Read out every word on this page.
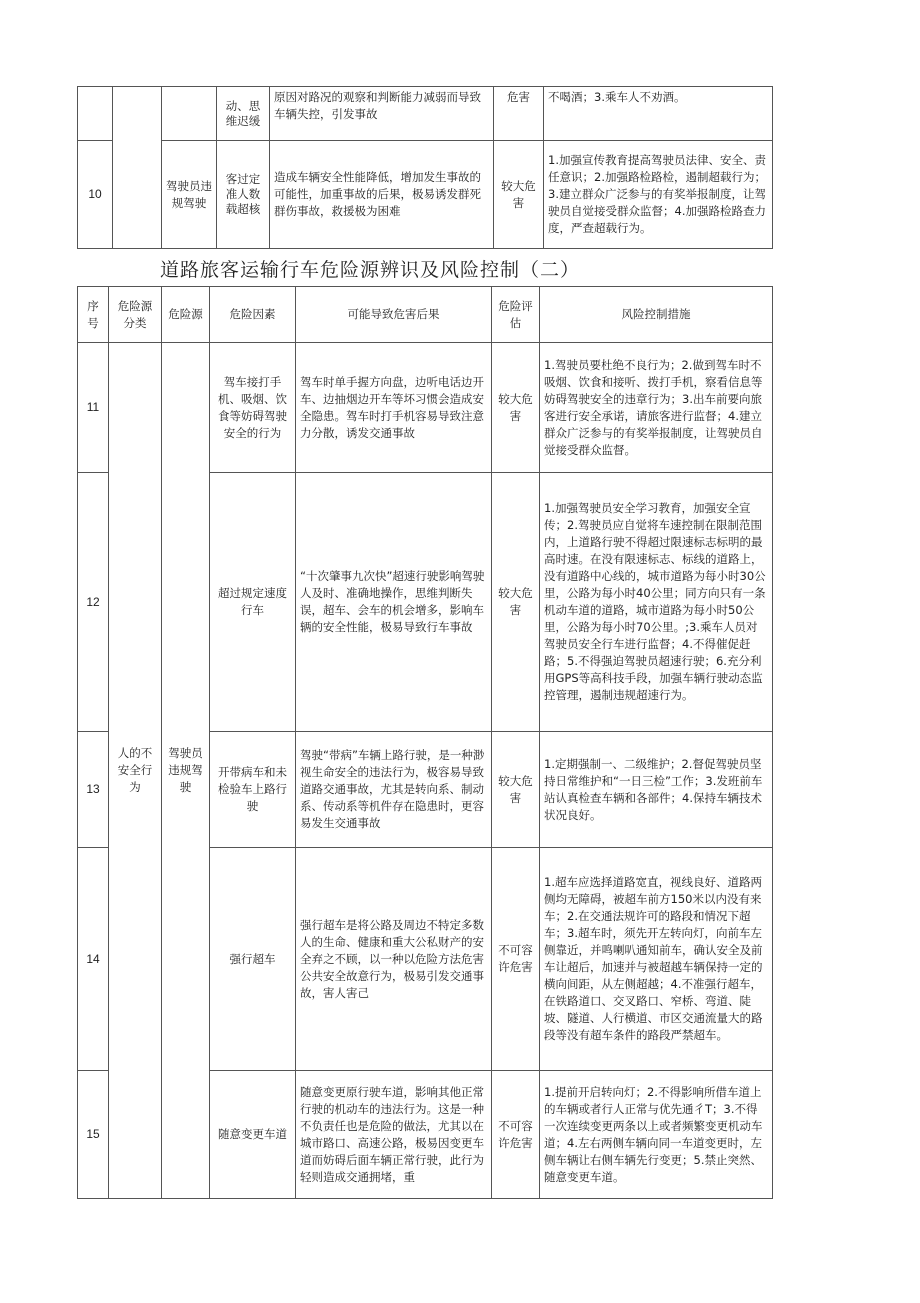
			动、思维迟缓	原因对路况的观察和判断能力减弱而导致车辆失控，引发事故	危害	不喝酒；3.乘车人不劝酒。
10		驾驶员违规驾驶	客过定准人数载超核	造成车辆安全性能降低，增加发生事故的可能性，加重事故的后果，极易诱发群死群伤事故，救援极为困难	较大危害	1.加强宣传教育提高驾驶员法律、安全、责任意识；2.加强路检路检，遏制超载行为；3.建立群众广泛参与的有奖举报制度，让驾驶员自觉接受群众监督；4.加强路检路查力度，严查超载行为。
道路旅客运输行车危险源辨识及风险控制（二）
序号	危险源分类	危险源	危险因素	可能导致危害后果	危险评估	风险控制措施
11	人的不安全行为	驾驶员违规驾驶	驾车接打手机、吸烟、饮食等妨碍驾驶安全的行为	驾车时单手握方向盘，边听电话边开车、边抽烟边开车等坏习惯会造成安全隐患。驾车时打手机容易导致注意力分散，诱发交通事故	较大危害	1.驾驶员要杜绝不良行为；2.做到驾车时不吸烟、饮食和接听、拨打手机，察看信息等妨碍驾驶安全的违章行为；3.出车前要向旅客进行安全承诺，请旅客进行监督；4.建立群众广泛参与的有奖举报制度，让驾驶员自觉接受群众监督。
12			超过规定速度行车	“十次肇事九次快”超速行驶影响驾驶人及时、准确地操作，思维判断失误，超车、会车的机会增多，影响车辆的安全性能，极易导致行车事故	较大危害	1.加强驾驶员安全学习教育，加强安全宣传；2.驾驶员应自觉将车速控制在限制范围内，上道路行驶不得超过限速标志标明的最高时速。在没有限速标志、标线的道路上，没有道路中心线的，城市道路为每小时30公里，公路为每小时40公里；同方向只有一条机动车道的道路，城市道路为每小时50公里，公路为每小时70公里。;3.乘车人员对驾驶员安全行车进行监督；4.不得催促赶路；5.不得强迫驾驶员超速行驶；6.充分利用GPS等高科技手段，加强车辆行驶动态监控管理，遏制违规超速行为。
13			开带病车和未检验车上路行驶	驾驶“带病”车辆上路行驶，是一种渺视生命安全的违法行为，极容易导致道路交通事故，尤其是转向系、制动系、传动系等机件存在隐患时，更容易发生交通事故	较大危害	1.定期强制一、二级维护；2.督促驾驶员坚持日常维护和“一日三检”工作；3.发班前车站认真检查车辆和各部件；4.保持车辆技术状况良好。
14			强行超车	强行超车是将公路及周边不特定多数人的生命、健康和重大公私财产的安全弃之不顾，以一种以危险方法危害公共安全故意行为，极易引发交通事故，害人害己	不可容许危害	1.超车应选择道路宽直，视线良好、道路两侧均无障碍，被超车前方150米以内没有来车；2.在交通法规许可的路段和情况下超车；3.超车时，须先开左转向灯，向前车左侧靠近，并鸣喇叭通知前车，确认安全及前车让超后，加速并与被超越车辆保持一定的横向间距，从左侧超越；4.不准强行超车，在铁路道口、交叉路口、窄桥、弯道、陡坡、隧道、人行横道、市区交通流量大的路段等没有超车条件的路段严禁超车。
15			随意变更车道	随意变更原行驶车道，影响其他正常行驶的机动车的违法行为。这是一种不负责任也是危险的做法，尤其以在城市路口、高速公路，极易因变更车道而妨碍后面车辆正常行驶，此行为轻则造成交通拥堵，重	不可容许危害	1.提前开启转向灯；2.不得影响所借车道上的车辆或者行人正常与优先通彳T；3.不得一次连续变更两条以上或者频繁变更机动车道；4.左右两侧车辆向同一车道变更时，左侧车辆让右侧车辆先行变更；5.禁止突然、随意变更车道。
